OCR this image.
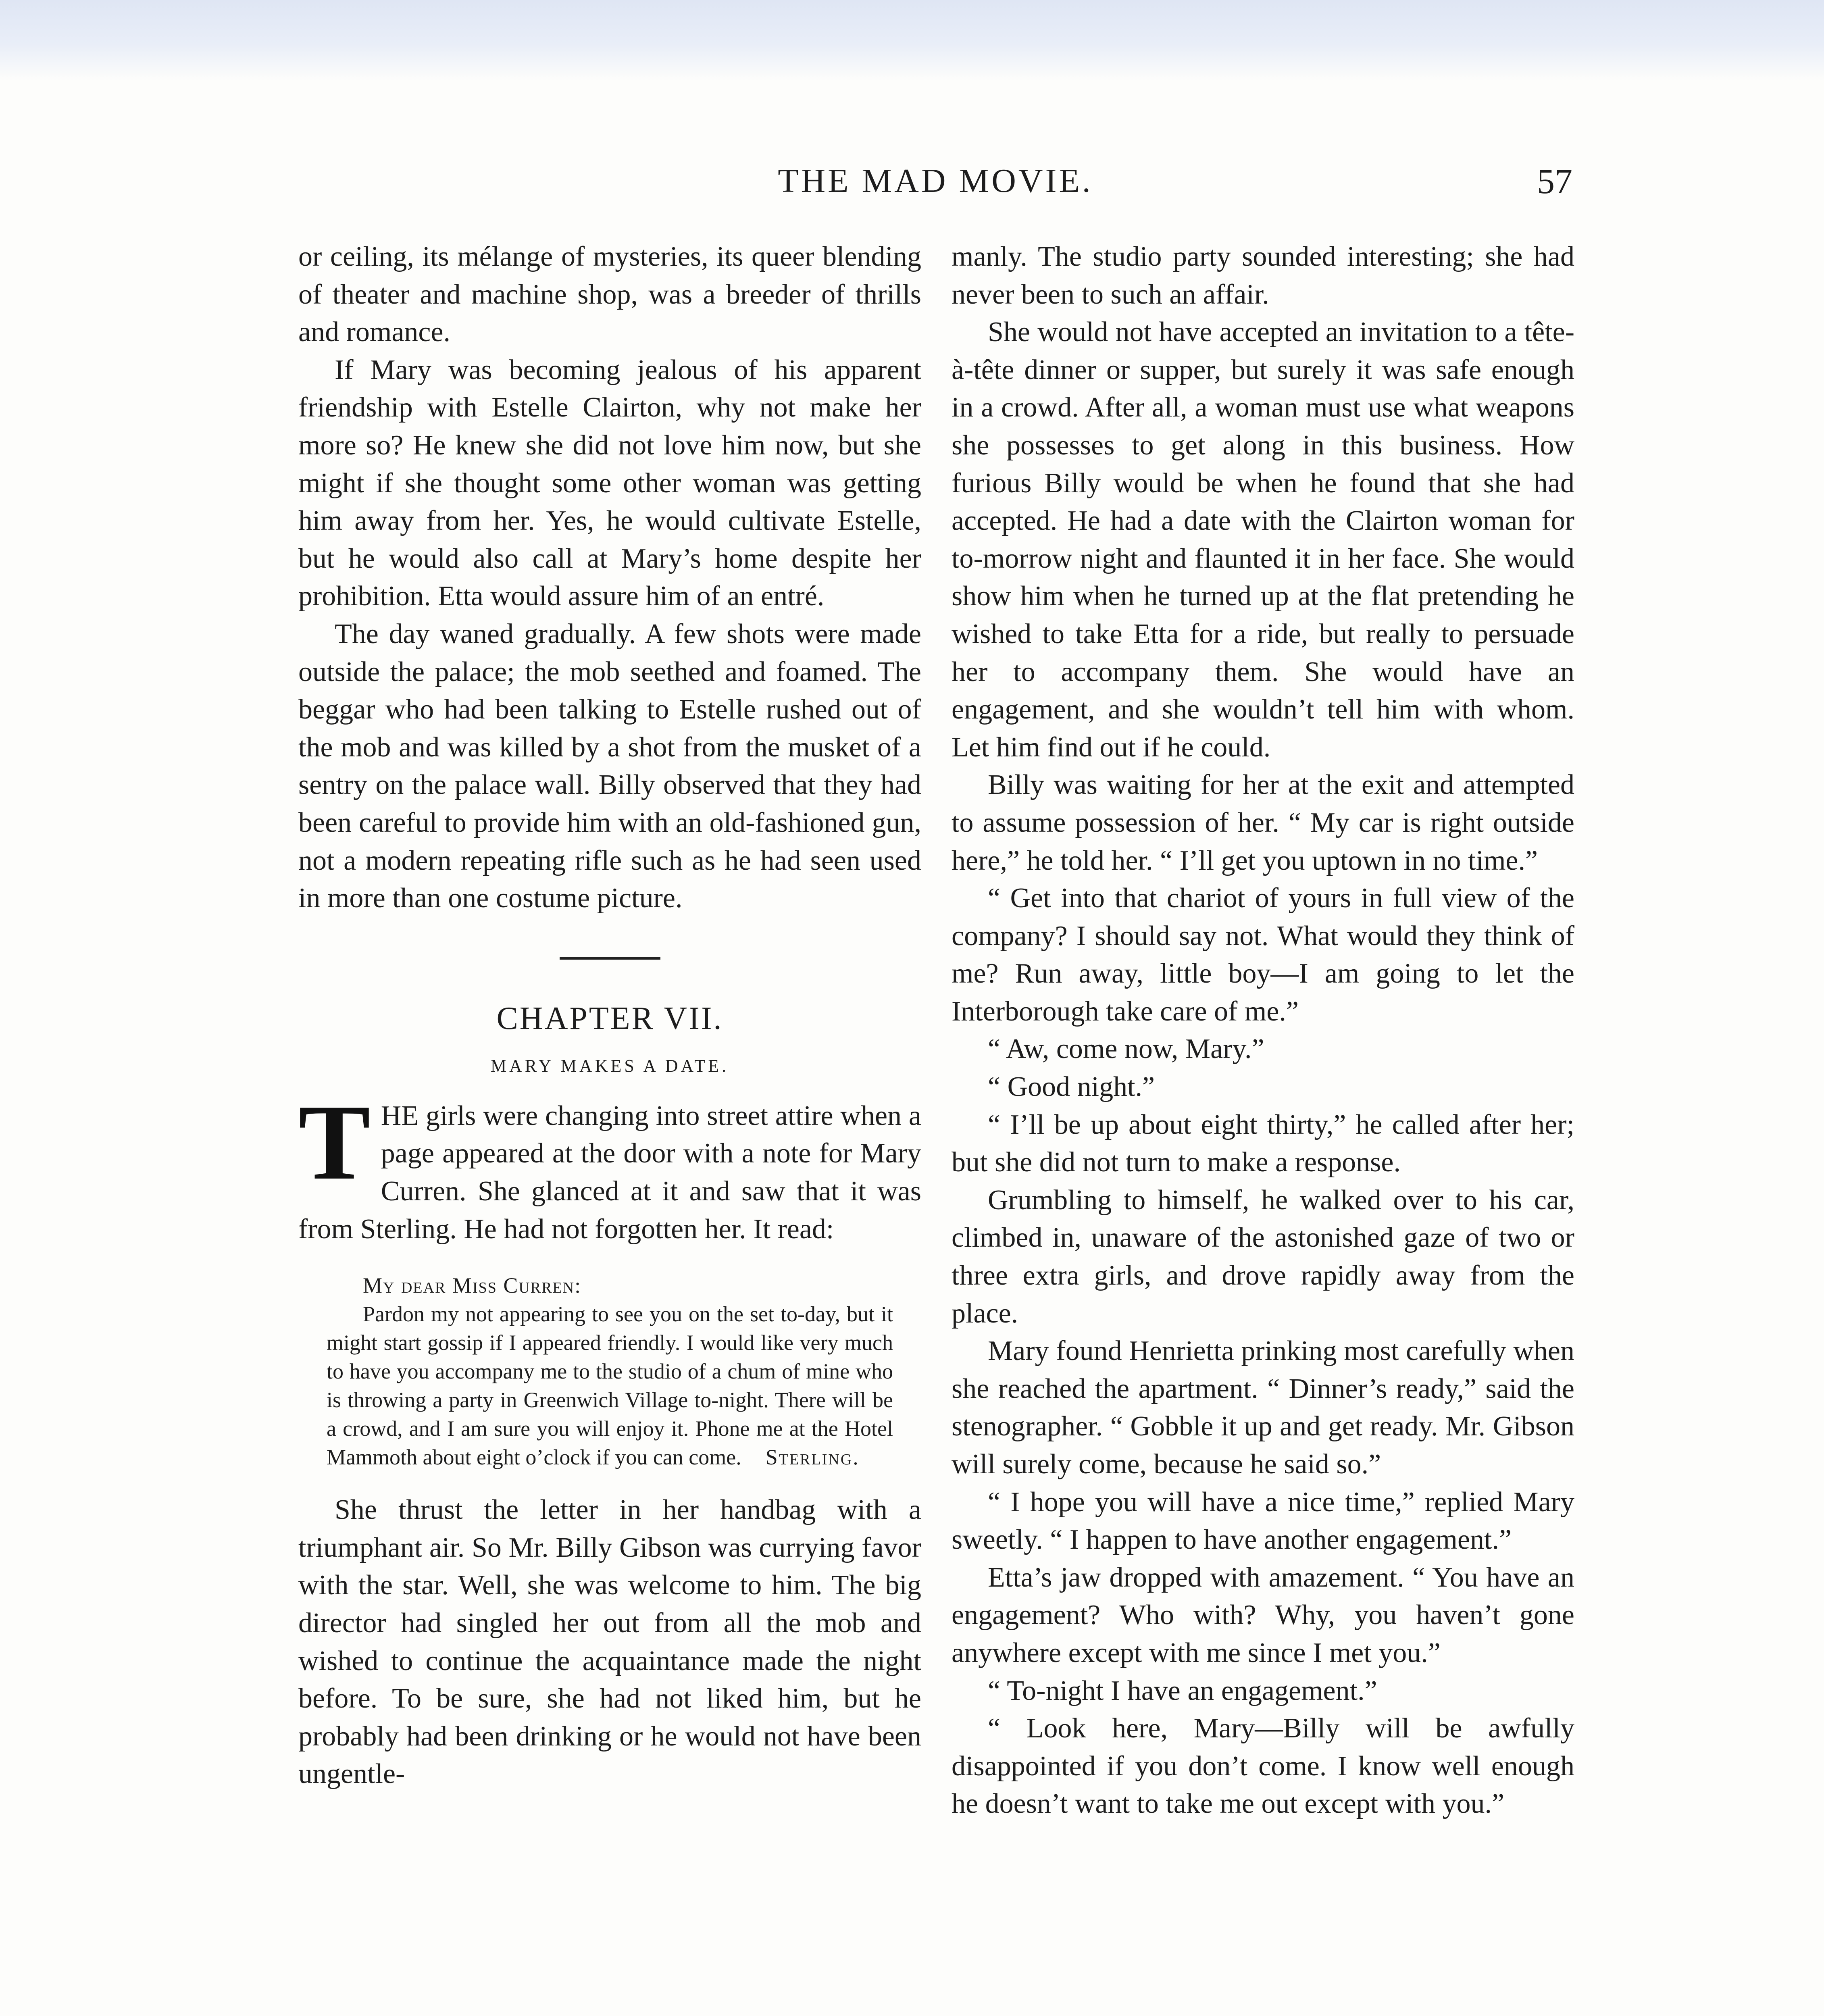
THE MAD MOVIE.	57

or ceiling, its mélange of mysteries, its queer blending of theater and machine shop, was a breeder of thrills and romance.

If Mary was becoming jealous of his apparent friendship with Estelle Clairton, why not make her more so? He knew she did not love him now, but she might if she thought some other woman was getting him away from her. Yes, he would cultivate Estelle, but he would also call at Mary’s home despite her prohibition. Etta would assure him of an entré.

The day waned gradually. A few shots were made outside the palace; the mob seethed and foamed. The beggar who had been talking to Estelle rushed out of the mob and was killed by a shot from the musket of a sentry on the palace wall. Billy observed that they had been careful to provide him with an old-fashioned gun, not a modern repeating rifle such as he had seen used in more than one costume picture.

CHAPTER VII.
MARY MAKES A DATE.

THE girls were changing into street attire when a page appeared at the door with a note for Mary Curren. She glanced at it and saw that it was from Sterling. He had not forgotten her. It read:

My dear Miss Curren:

Pardon my not appearing to see you on the set to-day, but it might start gossip if I appeared friendly. I would like very much to have you accompany me to the studio of a chum of mine who is throwing a party in Greenwich Village to-night. There will be a crowd, and I am sure you will enjoy it. Phone me at the Hotel Mammoth about eight o’clock if you can come. Sterling.

She thrust the letter in her handbag with a triumphant air. So Mr. Billy Gibson was currying favor with the star. Well, she was welcome to him. The big director had singled her out from all the mob and wished to continue the acquaintance made the night before. To be sure, she had not liked him, but he probably had been drinking or he would not have been ungentle-

manly. The studio party sounded interesting; she had never been to such an affair.

She would not have accepted an invitation to a tête-à-tête dinner or supper, but surely it was safe enough in a crowd. After all, a woman must use what weapons she possesses to get along in this business. How furious Billy would be when he found that she had accepted. He had a date with the Clairton woman for to-morrow night and flaunted it in her face. She would show him when he turned up at the flat pretending he wished to take Etta for a ride, but really to persuade her to accompany them. She would have an engagement, and she wouldn’t tell him with whom. Let him find out if he could.

Billy was waiting for her at the exit and attempted to assume possession of her. “ My car is right outside here,” he told her. “ I’ll get you uptown in no time.”

“ Get into that chariot of yours in full view of the company? I should say not. What would they think of me? Run away, little boy—I am going to let the Interborough take care of me.”

“ Aw, come now, Mary.”

“ Good night.”

“ I’ll be up about eight thirty,” he called after her; but she did not turn to make a response.

Grumbling to himself, he walked over to his car, climbed in, unaware of the astonished gaze of two or three extra girls, and drove rapidly away from the place.

Mary found Henrietta prinking most carefully when she reached the apartment. “ Dinner’s ready,” said the stenographer. “ Gobble it up and get ready. Mr. Gibson will surely come, because he said so.”

“ I hope you will have a nice time,” replied Mary sweetly. “ I happen to have another engagement.”

Etta’s jaw dropped with amazement. “ You have an engagement? Who with? Why, you haven’t gone anywhere except with me since I met you.”

“ To-night I have an engagement.”

“ Look here, Mary—Billy will be awfully disappointed if you don’t come. I know well enough he doesn’t want to take me out except with you.”
